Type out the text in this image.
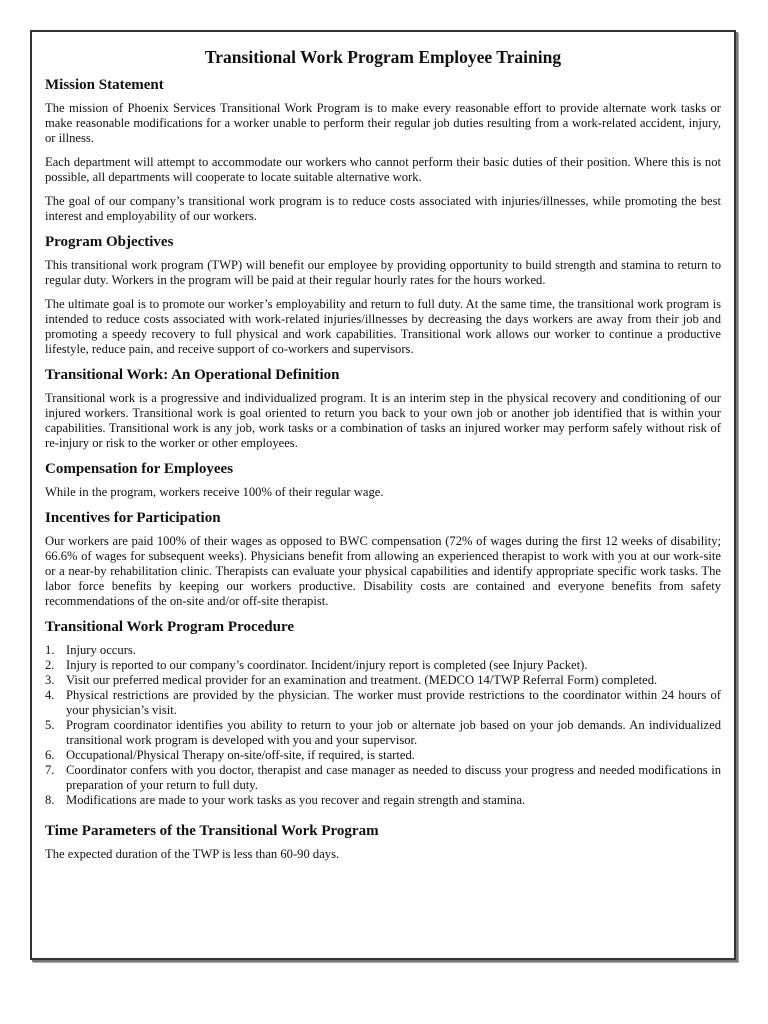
Transitional Work Program Employee Training
Mission Statement

The mission of Phoenix Services Transitional Work Program is to make every reasonable effort to provide alternate work tasks or make reasonable modifications for a worker unable to perform their regular job duties resulting from a work-related accident, injury, or illness.

Each department will attempt to accommodate our workers who cannot perform their basic duties of their position. Where this is not possible, all departments will cooperate to locate suitable alternative work.

The goal of our company’s transitional work program is to reduce costs associated with injuries/illnesses, while promoting the best interest and employability of our workers.

Program Objectives

This transitional work program (TWP) will benefit our employee by providing opportunity to build strength and stamina to return to regular duty. Workers in the program will be paid at their regular hourly rates for the hours worked.

The ultimate goal is to promote our worker’s employability and return to full duty. At the same time, the transitional work program is intended to reduce costs associated with work-related injuries/illnesses by decreasing the days workers are away from their job and promoting a speedy recovery to full physical and work capabilities. Transitional work allows our worker to continue a productive lifestyle, reduce pain, and receive support of co-workers and supervisors.

Transitional Work: An Operational Definition

Transitional work is a progressive and individualized program. It is an interim step in the physical recovery and conditioning of our injured workers. Transitional work is goal oriented to return you back to your own job or another job identified that is within your capabilities. Transitional work is any job, work tasks or a combination of tasks an injured worker may perform safely without risk of re-injury or risk to the worker or other employees.

Compensation for Employees

While in the program, workers receive 100% of their regular wage.

Incentives for Participation

Our workers are paid 100% of their wages as opposed to BWC compensation (72% of wages during the first 12 weeks of disability; 66.6% of wages for subsequent weeks). Physicians benefit from allowing an experienced therapist to work with you at our work-site or a near-by rehabilitation clinic. Therapists can evaluate your physical capabilities and identify appropriate specific work tasks. The labor force benefits by keeping our workers productive. Disability costs are contained and everyone benefits from safety recommendations of the on-site and/or off-site therapist.

Transitional Work Program Procedure
1. Injury occurs.
2. Injury is reported to our company’s coordinator. Incident/injury report is completed (see Injury Packet).
3. Visit our preferred medical provider for an examination and treatment. (MEDCO 14/TWP Referral Form) completed.
4. Physical restrictions are provided by the physician. The worker must provide restrictions to the coordinator within 24 hours of your physician’s visit.
5. Program coordinator identifies you ability to return to your job or alternate job based on your job demands. An individualized transitional work program is developed with you and your supervisor.
6. Occupational/Physical Therapy on-site/off-site, if required, is started.
7. Coordinator confers with you doctor, therapist and case manager as needed to discuss your progress and needed modifications in preparation of your return to full duty.
8. Modifications are made to your work tasks as you recover and regain strength and stamina.
Time Parameters of the Transitional Work Program

The expected duration of the TWP is less than 60-90 days.
